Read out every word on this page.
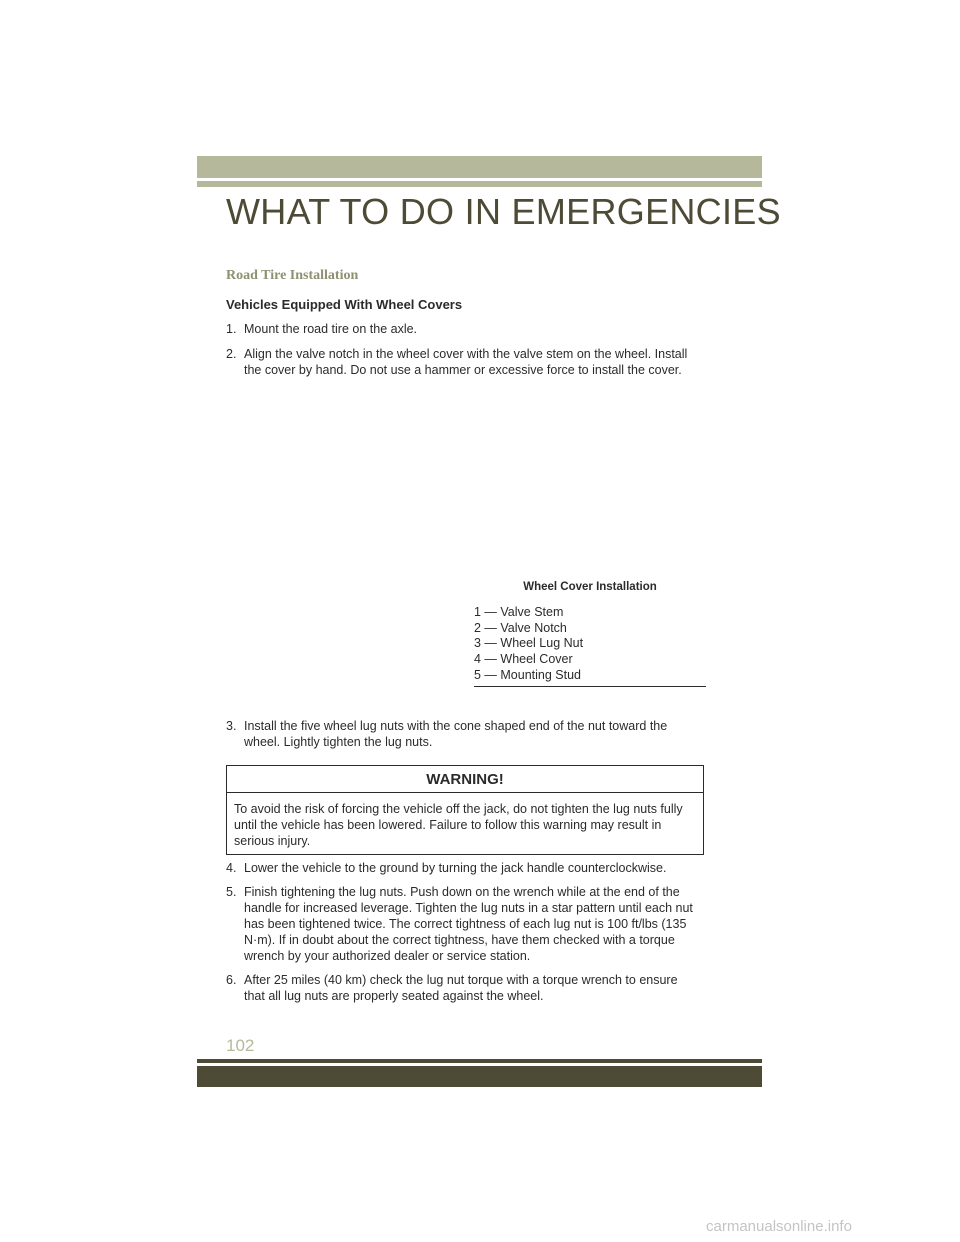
WHAT TO DO IN EMERGENCIES
Road Tire Installation
Vehicles Equipped With Wheel Covers
1. Mount the road tire on the axle.
2. Align the valve notch in the wheel cover with the valve stem on the wheel. Install
the cover by hand. Do not use a hammer or excessive force to install the cover.

Wheel Cover Installation

1 — Valve Stem
2 — Valve Notch
3 — Wheel Lug Nut
4 — Wheel Cover
5 — Mounting Stud
3. Install the five wheel lug nuts with the cone shaped end of the nut toward the
wheel. Lightly tighten the lug nuts.

WARNING!

To avoid the risk of forcing the vehicle off the jack, do not tighten the lug nuts fully
until the vehicle has been lowered. Failure to follow this warning may result in
serious injury.

4. Lower the vehicle to the ground by turning the jack handle counterclockwise.
5. Finish tightening the lug nuts. Push down on the wrench while at the end of the
handle for increased leverage. Tighten the lug nuts in a star pattern until each nut
has been tightened twice. The correct tightness of each lug nut is 100 ft/lbs (135
N·m). If in doubt about the correct tightness, have them checked with a torque
wrench by your authorized dealer or service station.
6. After 25 miles (40 km) check the lug nut torque with a torque wrench to ensure
that all lug nuts are properly seated against the wheel.

102

carmanualsonline.info
